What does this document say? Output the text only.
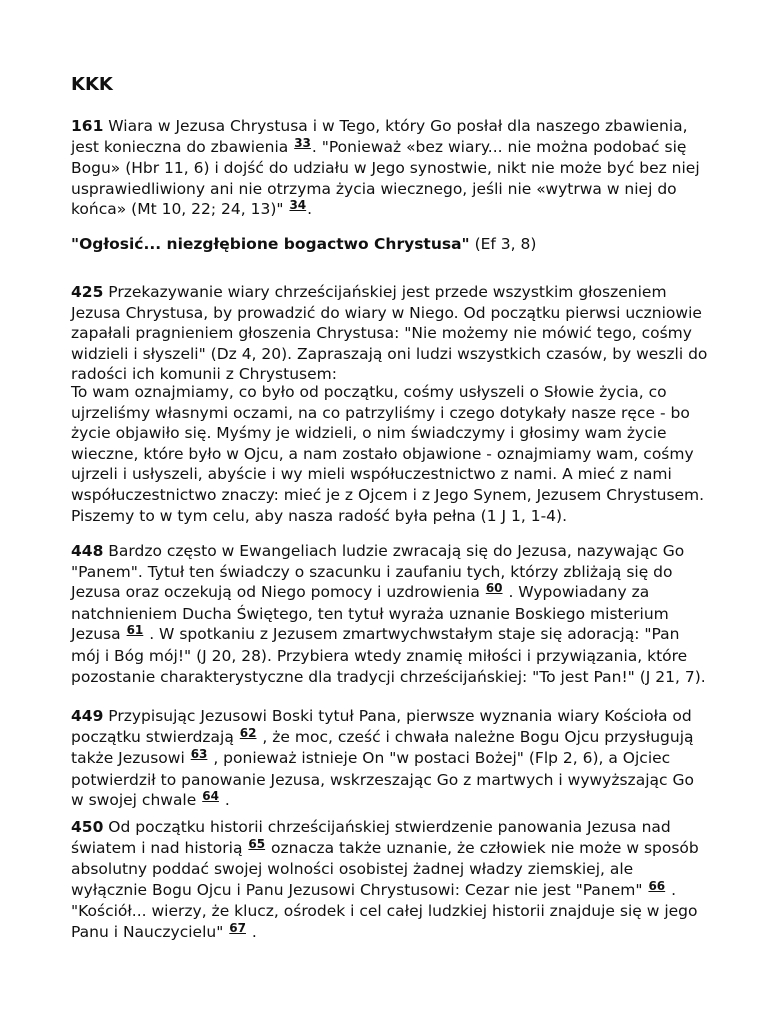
KKK

161 Wiara w Jezusa Chrystusa i w Tego, który Go posłał dla naszego zbawienia, jest konieczna do zbawienia $^{33}$. "Ponieważ «bez wiary... nie można podobać się Bogu» (Hbr 11, 6) i dojść do udziału w Jego synostwie, nikt nie może być bez niej usprawiedliwiony ani nie otrzyma życia wiecznego, jeśli nie «wytrwa w niej do końca» (Mt 10, 22; 24, 13)" $^{34}$.

"Ogłosić... niezgłębione bogactwo Chrystusa" (Ef 3, 8)

425 Przekazywanie wiary chrześcijańskiej jest przede wszystkim głoszeniem Jezusa Chrystusa, by prowadzić do wiary w Niego. Od początku pierwsi uczniowie zapałali pragnieniem głoszenia Chrystusa: "Nie możemy nie mówić tego, cośmy widzieli i słyszeli" (Dz 4, 20). Zapraszają oni ludzi wszystkich czasów, by weszli do radości ich komunii z Chrystusem:

To wam oznajmiamy, co było od początku, cośmy usłyszeli o Słowie życia, co ujrzeliśmy własnymi oczami, na co patrzyliśmy i czego dotykały nasze ręce - bo życie objawiło się. Myśmy je widzieli, o nim świadczymy i głosimy wam życie wieczne, które było w Ojcu, a nam zostało objawione - oznajmiamy wam, cośmy ujrzeli i usłyszeli, abyście i wy mieli współuczestnictwo z nami. A mieć z nami współuczestnictwo znaczy: mieć je z Ojcem i z Jego Synem, Jezusem Chrystusem. Piszemy to w tym celu, aby nasza radość była pełna (1 J 1, 1-4).

448 Bardzo często w Ewangeliach ludzie zwracają się do Jezusa, nazywając Go "Panem". Tytuł ten świadczy o szacunku i zaufaniu tych, którzy zbliżają się do Jezusa oraz oczekują od Niego pomocy i uzdrowienia $^{60}$ . Wypowiadany za natchnieniem Ducha Świętego, ten tytuł wyraża uznanie Boskiego misterium Jezusa $^{61}$ . W spotkaniu z Jezusem zmartwychwstałym staje się adoracją: "Pan mój i Bóg mój!" (J 20, 28). Przybiera wtedy znamię miłości i przywiązania, które pozostanie charakterystyczne dla tradycji chrześcijańskiej: "To jest Pan!" (J 21, 7).

449 Przypisując Jezusowi Boski tytuł Pana, pierwsze wyznania wiary Kościoła od początku stwierdzają $^{62}$ , że moc, cześć i chwała należne Bogu Ojcu przysługują także Jezusowi $^{63}$ , ponieważ istnieje On "w postaci Bożej" (Flp 2, 6), a Ojciec potwierdził to panowanie Jezusa, wskrzeszając Go z martwych i wywyższając Go w swojej chwale $^{64}$ .

450 Od początku historii chrześcijańskiej stwierdzenie panowania Jezusa nad światem i nad historią $^{65}$ oznacza także uznanie, że człowiek nie może w sposób absolutny poddać swojej wolności osobistej żadnej władzy ziemskiej, ale wyłącznie Bogu Ojcu i Panu Jezusowi Chrystusowi: Cezar nie jest "Panem" $^{66}$ . "Kościół... wierzy, że klucz, ośrodek i cel całej ludzkiej historii znajduje się w jego Panu i Nauczycielu" $^{67}$ .
